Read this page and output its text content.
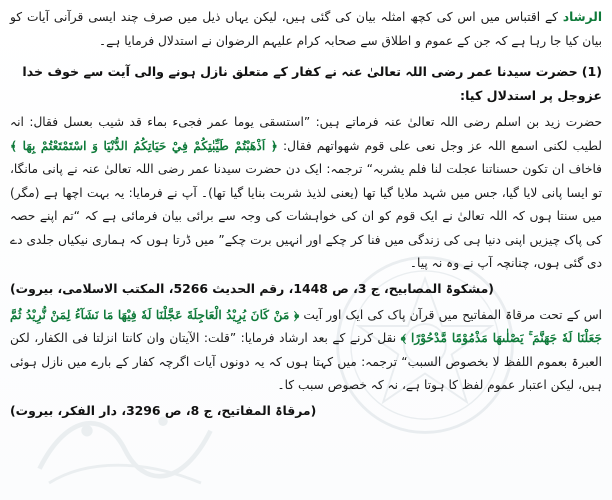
الرشاد کے اقتباس میں اس کی کچھ امثلہ بیان کی گئی ہیں، لیکن یہاں ذیل میں صرف چند ایسی قرآنی آیات کو بیان کیا جا رہا ہے کہ جن کے عموم و اطلاق سے صحابہ کرام علیہم الرضوان نے استدلال فرمایا ہے۔

(1)حضرت سیدنا عمر رضی اللہ تعالیٰ عنہ نے کفار کے متعلق نازل ہونے والی آیت سے خوف خدا عزوجل پر استدلال کیا:

حضرت زید بن اسلم رضی اللہ تعالیٰ عنہ فرماتے ہیں: ”استسقی یوما عمر فجیء بماء قد شیب بعسل فقال: انہ لطیب لکنی اسمع اللہ عز وجل نعی علی قوم شھواتھم فقال: ﴿ اَذْهَبْتُمْ طَيِّبٰتِكُمْ فِيْ حَيَاتِكُمُ الدُّنْيَا وَ اسْتَمْتَعْتُمْ بِهَا ﴾ فاخاف ان تکون حسناتنا عجلت لنا فلم یشربہ“ ترجمہ: ایک دن حضرت سیدنا عمر رضی اللہ تعالیٰ عنہ نے پانی مانگا، تو ایسا پانی لایا گیا، جس میں شہد ملایا گیا تھا (یعنی لذیذ شربت بنایا گیا تھا)۔ آپ نے فرمایا: یہ بہت اچھا ہے (مگر) میں سنتا ہوں کہ اللہ تعالیٰ نے ایک قوم کو ان کی خواہشات کی وجہ سے برائی بیان فرمائی ہے کہ “تم اپنے حصہ کی پاک چیزیں اپنی دنیا ہی کی زندگی میں فنا کر چکے اور انہیں برت چکے” میں ڈرتا ہوں کہ ہماری نیکیاں جلدی دے دی گئی ہوں، چنانچہ آپ نے وہ نہ پیا۔

(مشکوۃ المصابیح، ج 3، ص 1448، رقم الحدیث 5266، المکتب الاسلامی، بیروت)

اس کے تحت مرقاۃ المفاتیح میں قرآن پاک کی ایک اور آیت ﴿ مَنْ كَانَ يُرِيْدُ الْعَاجِلَةَ عَجَّلْنَا لَهٗ فِيْهَا مَا نَشَآءُ لِمَنْ نُّرِيْدُ ثُمَّ جَعَلْنَا لَهٗ جَهَنَّمَ ۚ يَصْلٰىهَا مَذْمُوْمًا مَّدْحُوْرًا ﴾ نقل کرنے کے بعد ارشاد فرمایا: ”قلت: الآیتان وان کانتا انزلتا فی الکفار، لکن العبرۃ بعموم اللفظ لا بخصوص السبب“ ترجمہ: میں کہتا ہوں کہ یہ دونوں آیات اگرچہ کفار کے بارے میں نازل ہوئی ہیں، لیکن اعتبار عموم لفظ کا ہوتا ہے، نہ کہ خصوص سبب کا۔

(مرقاۃ المفاتیح، ج 8، ص 3296، دار الفکر، بیروت)
